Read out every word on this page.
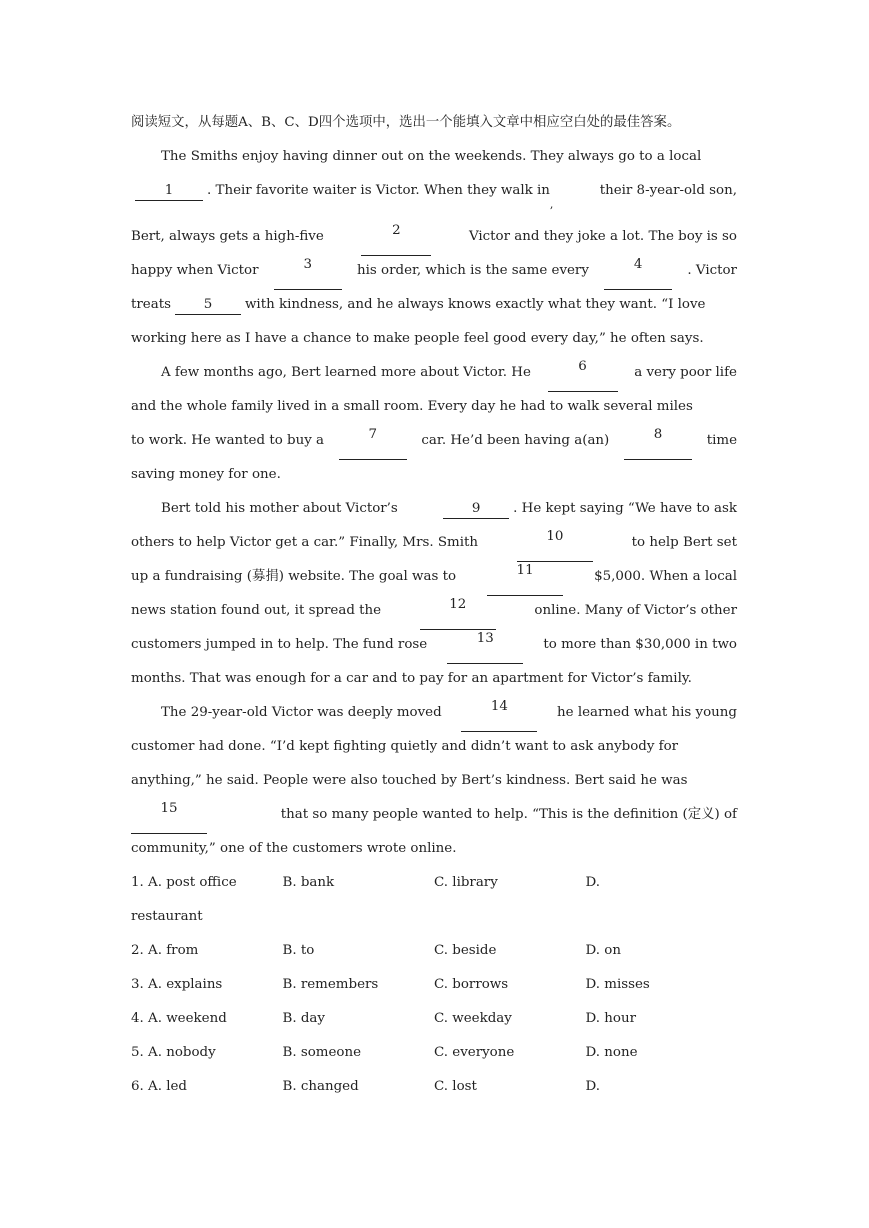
阅读短文，从每题A、B、C、D四个选项中，选出一个能填入文章中相应空白处的最佳答案。
The Smiths enjoy having dinner out on the weekends. They always go to a local
1	. Their favorite waiter is Victor. When they walk $in_,$
their 8-year-old son,
Bert, always gets a high-five	2	Victor and they joke a lot. The boy is so
happy when Victor	3	his order, which is the same every	4	. Victor
treats 5 with kindness, and he always knows exactly what they want. “I love
working here as I have a chance to make people feel good every day,” he often says.
A few months ago, Bert learned more about Victor. He	6	a very poor life
and the whole family lived in a small room. Every day he had to walk several miles
to work. He wanted to buy a	7	car. He’d been having a(an)	8	time
saving money for one.
Bert told his mother about Victor’s	9 . He kept saying “We have to ask
others to help Victor get a car.” Finally, Mrs. Smith	10	to help Bert set
up a fundraising (募捐) website. The goal was to	11	$5,000. When a local
news station found out, it spread the	12	online. Many of Victor’s other
customers jumped in to help. The fund rose	13	to more than $30,000 in two
months. That was enough for a car and to pay for an apartment for Victor’s family.
The 29-year-old Victor was deeply moved	14	he learned what his young
customer had done. “I’d kept fighting quietly and didn’t want to ask anybody for
anything,” he said. People were also touched by Bert’s kindness. Bert said he was
15	that so many people wanted to help. “This is the definition (定义) of
community,” one of the customers wrote online.
1. A. post office	B. bank	C. library	D.
restaurant
2. A. from	B. to	C. beside	D. on
3. A. explains	B. remembers	C. borrows	D. misses
4. A. weekend	B. day	C. weekday	D. hour
5. A. nobody	B. someone	C. everyone	D. none
6. A. led	B. changed	C. lost	D.
